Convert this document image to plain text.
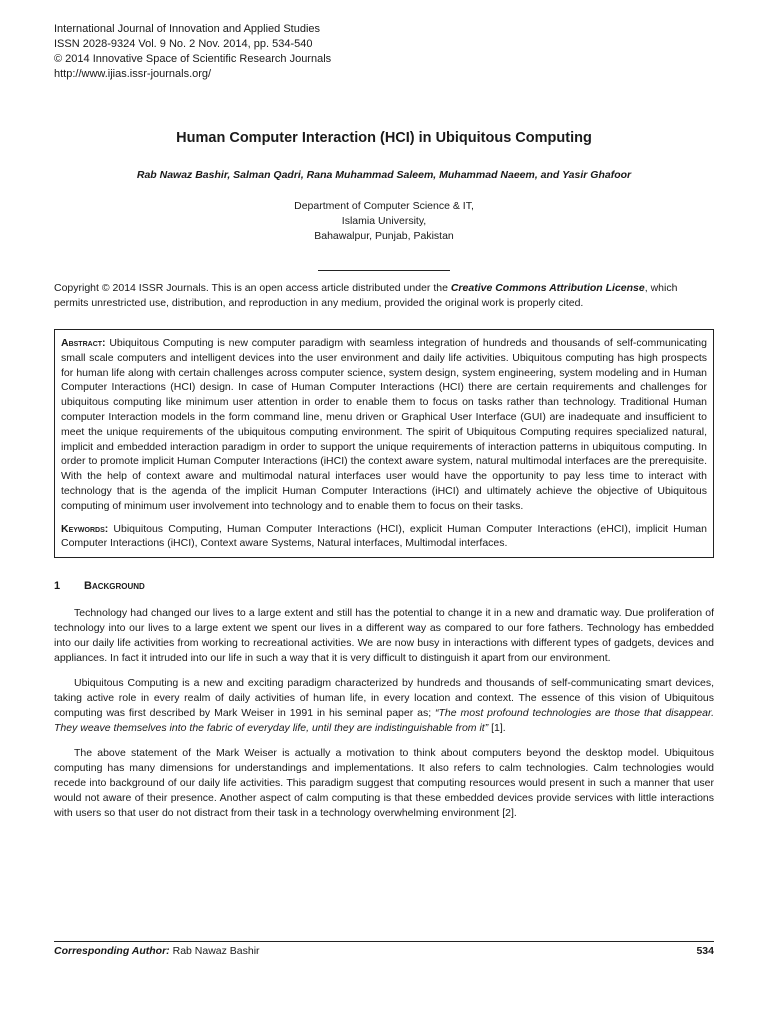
International Journal of Innovation and Applied Studies
ISSN 2028-9324 Vol. 9 No. 2 Nov. 2014, pp. 534-540
© 2014 Innovative Space of Scientific Research Journals
http://www.ijias.issr-journals.org/
Human Computer Interaction (HCI) in Ubiquitous Computing
Rab Nawaz Bashir, Salman Qadri, Rana Muhammad Saleem, Muhammad Naeem, and Yasir Ghafoor
Department of Computer Science & IT,
Islamia University,
Bahawalpur, Punjab, Pakistan
Copyright © 2014 ISSR Journals. This is an open access article distributed under the Creative Commons Attribution License, which permits unrestricted use, distribution, and reproduction in any medium, provided the original work is properly cited.
Abstract: Ubiquitous Computing is new computer paradigm with seamless integration of hundreds and thousands of self-communicating small scale computers and intelligent devices into the user environment and daily life activities. Ubiquitous computing has high prospects for human life along with certain challenges across computer science, system design, system engineering, system modeling and in Human Computer Interactions (HCI) design. In case of Human Computer Interactions (HCI) there are certain requirements and challenges for ubiquitous computing like minimum user attention in order to enable them to focus on tasks rather than technology. Traditional Human computer Interaction models in the form command line, menu driven or Graphical User Interface (GUI) are inadequate and insufficient to meet the unique requirements of the ubiquitous computing environment. The spirit of Ubiquitous Computing requires specialized natural, implicit and embedded interaction paradigm in order to support the unique requirements of interaction patterns in ubiquitous computing. In order to promote implicit Human Computer Interactions (iHCI) the context aware system, natural multimodal interfaces are the prerequisite. With the help of context aware and multimodal natural interfaces user would have the opportunity to pay less time to interact with technology that is the agenda of the implicit Human Computer Interactions (iHCI) and ultimately achieve the objective of Ubiquitous computing of minimum user involvement into technology and to enable them to focus on their tasks.
Keywords: Ubiquitous Computing, Human Computer Interactions (HCI), explicit Human Computer Interactions (eHCI), implicit Human Computer Interactions (iHCI), Context aware Systems, Natural interfaces, Multimodal interfaces.
1	Background

Technology had changed our lives to a large extent and still has the potential to change it in a new and dramatic way. Due proliferation of technology into our lives to a large extent we spent our lives in a different way as compared to our fore fathers. Technology has embedded into our daily life activities from working to recreational activities. We are now busy in interactions with different types of gadgets, devices and appliances. In fact it intruded into our life in such a way that it is very difficult to distinguish it apart from our environment.

Ubiquitous Computing is a new and exciting paradigm characterized by hundreds and thousands of self-communicating smart devices, taking active role in every realm of daily activities of human life, in every location and context. The essence of this vision of Ubiquitous computing was first described by Mark Weiser in 1991 in his seminal paper as; “The most profound technologies are those that disappear. They weave themselves into the fabric of everyday life, until they are indistinguishable from it” [1].

The above statement of the Mark Weiser is actually a motivation to think about computers beyond the desktop model. Ubiquitous computing has many dimensions for understandings and implementations. It also refers to calm technologies. Calm technologies would recede into background of our daily life activities. This paradigm suggest that computing resources would present in such a manner that user would not aware of their presence. Another aspect of calm computing is that these embedded devices provide services with little interactions with users so that user do not distract from their task in a technology overwhelming environment [2].

Corresponding Author: Rab Nawaz Bashir	534
